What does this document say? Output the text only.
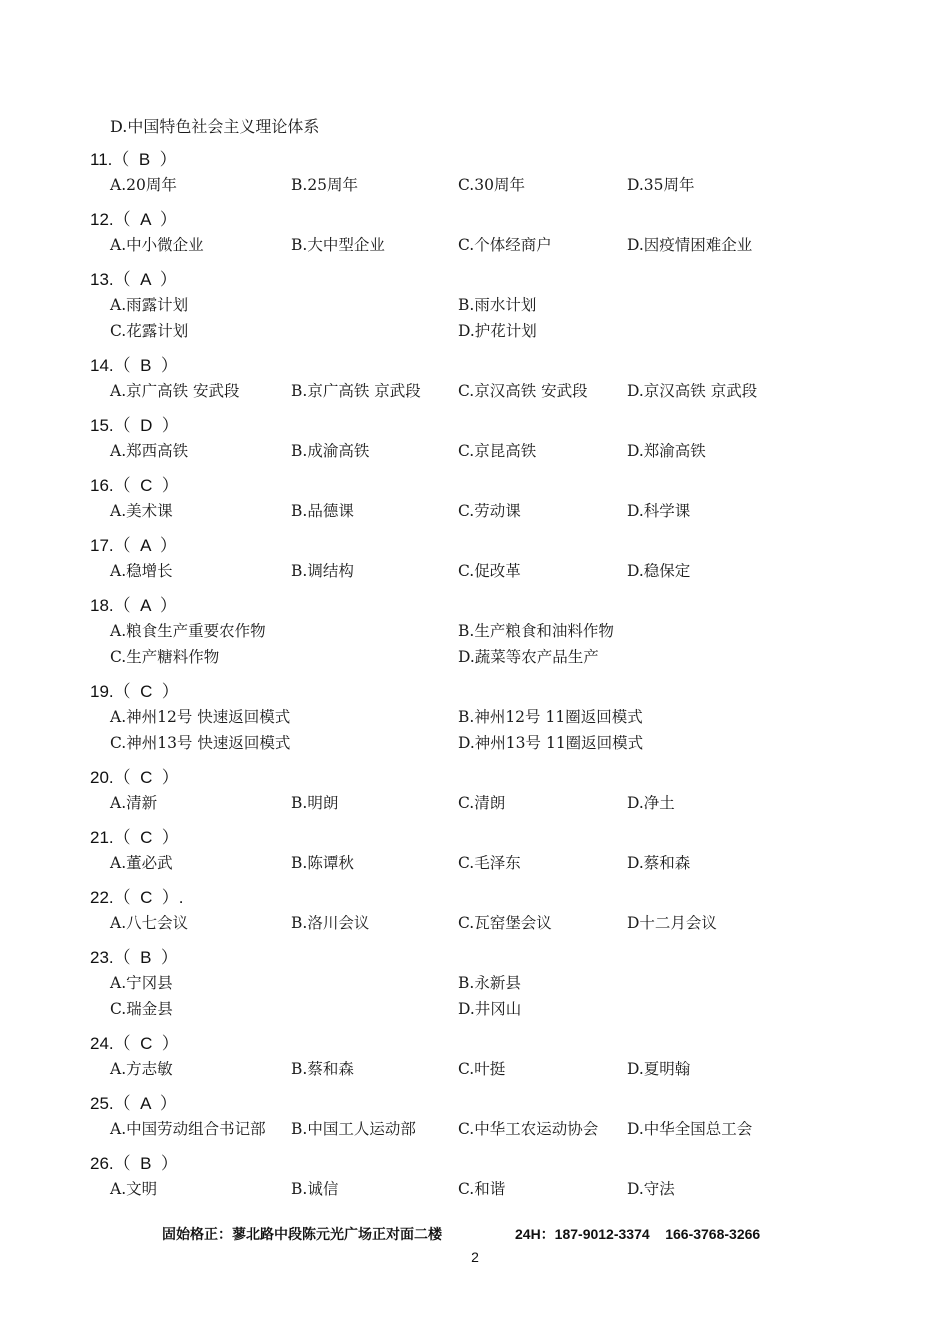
D.中国特色社会主义理论体系
11.（  B  ）
A.20周年	B.25周年	C.30周年	D.35周年
12.（  A  ）
A.中小微企业	B.大中型企业	C.个体经商户	D.因疫情困难企业
13.（  A  ）
A.雨露计划	B.雨水计划
C.花露计划	D.护花计划
14.（  B  ）
A.京广高铁 安武段	B.京广高铁 京武段 C.京汉高铁 安武段	D.京汉高铁 京武段
15.（  D  ）
A.郑西高铁	B.成渝高铁	C.京昆高铁	D.郑渝高铁
16.（  C  ）
A.美术课	B.品德课	C.劳动课	D.科学课
17.（  A  ）
A.稳增长	B.调结构	C.促改革	D.稳保定
18.（  A  ）
A.粮食生产重要农作物	B.生产粮食和油料作物
C.生产糖料作物	D.蔬菜等农产品生产
19.（  C  ）
A.神州12号 快速返回模式	B.神州12号 11圈返回模式
C.神州13号 快速返回模式	D.神州13号 11圈返回模式
20.（  C  ）
A.清新	B.明朗	C.清朗	D.净土
21.（  C  ）
A.董必武	B.陈谭秋	C.毛泽东	D.蔡和森
22.（  C  ）.
A.八七会议	B.洛川会议	C.瓦窑堡会议	D十二月会议
23.（  B  ）
A.宁冈县	B.永新县
C.瑞金县	D.井冈山
24.（  C  ）
A.方志敏	B.蔡和森	C.叶挺	D.夏明翰
25.（  A  ）
A.中国劳动组合书记部 B.中国工人运动部	C.中华工农运动协会 D.中华全国总工会
26.（  B  ）
A.文明	B.诚信	C.和谐	D.守法
固始格正：蓼北路中段陈元光广场正对面二楼	24H：187-9012-3374    166-3768-3266
2
